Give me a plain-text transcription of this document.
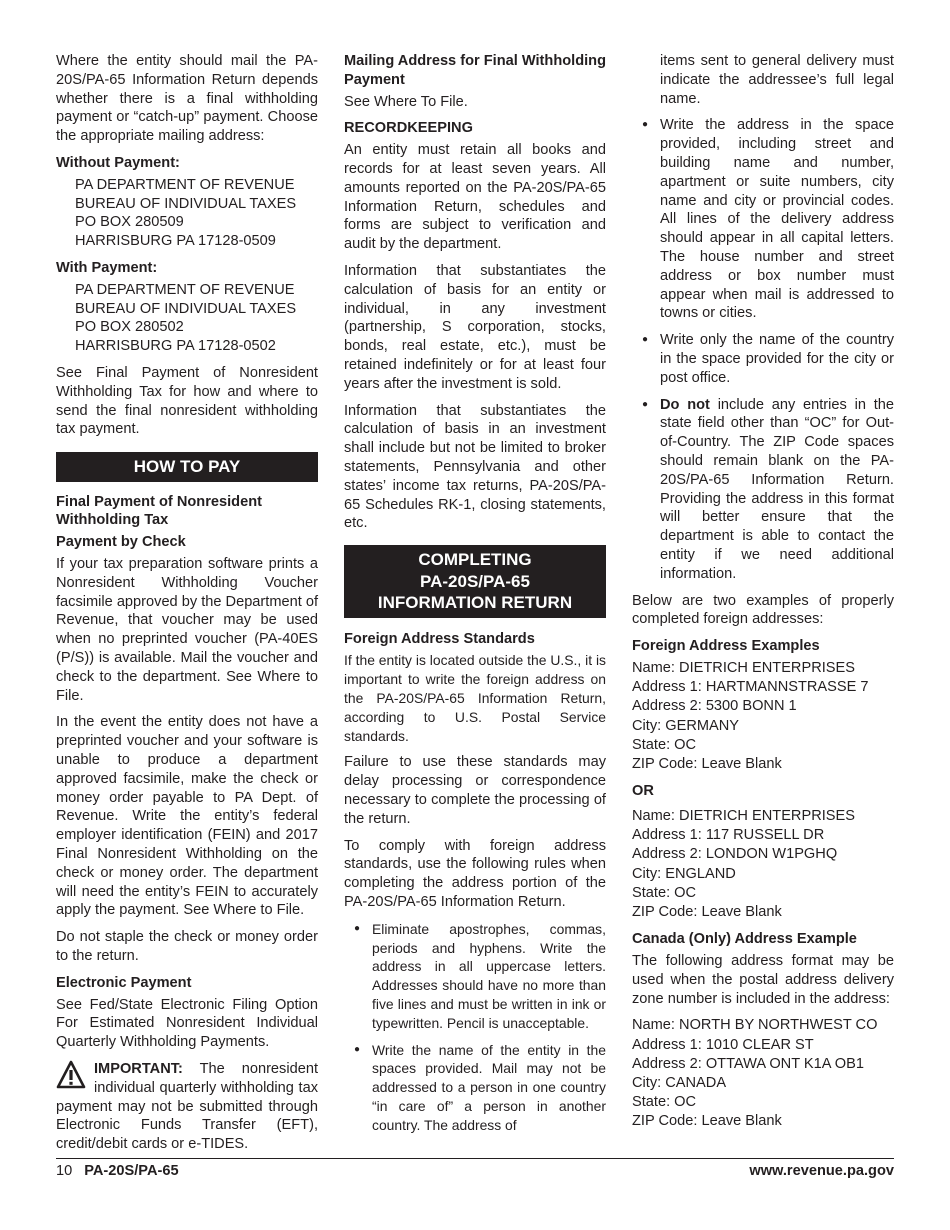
Where the entity should mail the PA-20S/PA-65 Information Return depends whether there is a final withholding payment or “catch-up” payment. Choose the appropriate mailing address:

Without Payment:
PA DEPARTMENT OF REVENUE
BUREAU OF INDIVIDUAL TAXES
PO BOX 280509
HARRISBURG PA 17128-0509
With Payment:
PA DEPARTMENT OF REVENUE
BUREAU OF INDIVIDUAL TAXES
PO BOX 280502
HARRISBURG PA 17128-0502

See Final Payment of Nonresident Withholding Tax for how and where to send the final nonresident withholding tax payment.

HOW TO PAY
Final Payment of Nonresident Withholding Tax
Payment by Check

If your tax preparation software prints a Nonresident Withholding Voucher facsimile approved by the Department of Revenue, that voucher may be used when no preprinted voucher (PA-40ES (P/S)) is available. Mail the voucher and check to the department. See Where to File.

In the event the entity does not have a preprinted voucher and your software is unable to produce a department approved facsimile, make the check or money order payable to PA Dept. of Revenue. Write the entity’s federal employer identification (FEIN) and 2017 Final Nonresident Withholding on the check or money order. The department will need the entity’s FEIN to accurately apply the payment. See Where to File.

Do not staple the check or money order to the return.

Electronic Payment

See Fed/State Electronic Filing Option For Estimated Nonresident Individual Quarterly Withholding Payments.

IMPORTANT: The nonresident individual quarterly withholding tax payment may not be submitted through Electronic Funds Transfer (EFT), credit/debit cards or e-TIDES.
Mailing Address for Final Withholding Payment

See Where To File.

RECORDKEEPING

An entity must retain all books and records for at least seven years. All amounts reported on the PA-20S/PA-65 Information Return, schedules and forms are subject to verification and audit by the department.

Information that substantiates the calculation of basis for an entity or individual, in any investment (partnership, S corporation, stocks, bonds, real estate, etc.), must be retained indefinitely or for at least four years after the investment is sold.

Information that substantiates the calculation of basis in an investment shall include but not be limited to broker statements, Pennsylvania and other states’ income tax returns, PA-20S/PA-65 Schedules RK-1, closing statements, etc.

COMPLETING
PA-20S/PA-65
INFORMATION RETURN
Foreign Address Standards

If the entity is located outside the U.S., it is important to write the foreign address on the PA-20S/PA-65 Information Return, according to U.S. Postal Service standards.

Failure to use these standards may delay processing or correspondence necessary to complete the processing of the return.

To comply with foreign address standards, use the following rules when completing the address portion of the PA-20S/PA-65 Information Return.

● Eliminate apostrophes, commas, periods and hyphens. Write the address in all uppercase letters. Addresses should have no more than five lines and must be written in ink or typewritten. Pencil is unacceptable.
● Write the name of the entity in the spaces provided. Mail may not be addressed to a person in one country “in care of” a person in another country. The address of

items sent to general delivery must indicate the addressee’s full legal name.

● Write the address in the space provided, including street and building name and number, apartment or suite numbers, city name and city or provincial codes. All lines of the delivery address should appear in all capital letters. The house number and street address or box number must appear when mail is addressed to towns or cities.
● Write only the name of the country in the space provided for the city or post office.
● Do not include any entries in the state field other than “OC” for Out-of-Country. The ZIP Code spaces should remain blank on the PA-20S/PA-65 Information Return. Providing the address in this format will better ensure that the department is able to contact the entity if we need additional information.

Below are two examples of properly completed foreign addresses:

Foreign Address Examples
Name: DIETRICH ENTERPRISES
Address 1: HARTMANNSTRASSE 7
Address 2: 5300 BONN 1
City: GERMANY
State: OC
ZIP Code: Leave Blank
OR
Name: DIETRICH ENTERPRISES
Address 1: 117 RUSSELL DR
Address 2: LONDON W1PGHQ
City: ENGLAND
State: OC
ZIP Code: Leave Blank
Canada (Only) Address Example

The following address format may be used when the postal address delivery zone number is included in the address:

Name: NORTH BY NORTHWEST CO
Address 1: 1010 CLEAR ST
Address 2: OTTAWA ONT K1A OB1
City: CANADA
State: OC
ZIP Code: Leave Blank
10 PA-20S/PA-65	www.revenue.pa.gov
